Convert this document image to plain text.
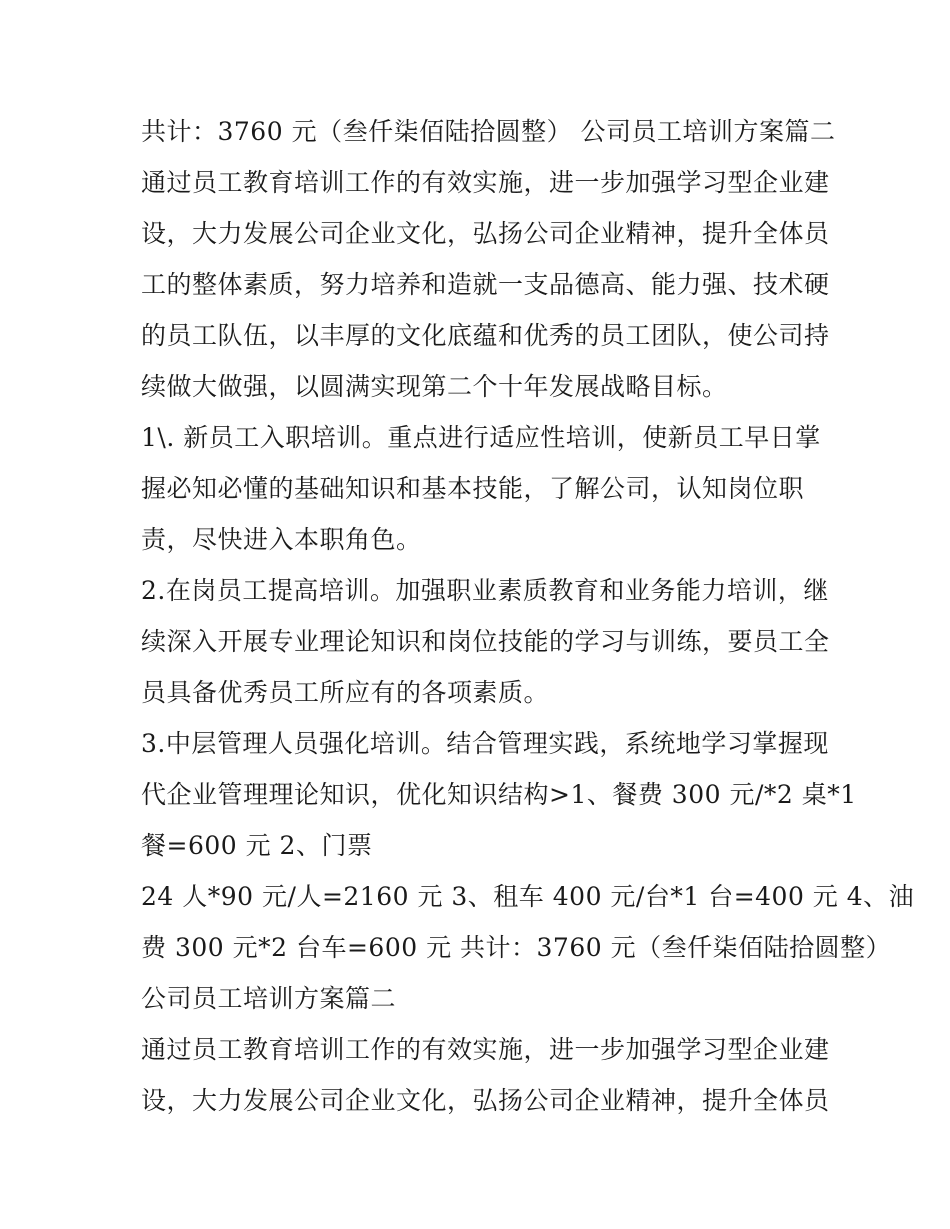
共计：3760 元（叁仟柒佰陆拾圆整） 公司员工培训方案篇二
通过员工教育培训工作的有效实施，进一步加强学习型企业建
设，大力发展公司企业文化，弘扬公司企业精神，提升全体员
工的整体素质，努力培养和造就一支品德高、能力强、技术硬
的员工队伍，以丰厚的文化底蕴和优秀的员工团队，使公司持
续做大做强，以圆满实现第二个十年发展战略目标。
1\. 新员工入职培训。重点进行适应性培训，使新员工早日掌
握必知必懂的基础知识和基本技能，了解公司，认知岗位职
责，尽快进入本职角色。
2.在岗员工提高培训。加强职业素质教育和业务能力培训，继
续深入开展专业理论知识和岗位技能的学习与训练，要员工全
员具备优秀员工所应有的各项素质。
3.中层管理人员强化培训。结合管理实践，系统地学习掌握现
代企业管理理论知识，优化知识结构>1、餐费 300 元/*2 桌*1
餐=600 元 2、门票
24 人*90 元/人=2160 元 3、租车 400 元/台*1 台=400 元 4、油
费 300 元*2 台车=600 元 共计：3760 元（叁仟柒佰陆拾圆整）
公司员工培训方案篇二
通过员工教育培训工作的有效实施，进一步加强学习型企业建
设，大力发展公司企业文化，弘扬公司企业精神，提升全体员
